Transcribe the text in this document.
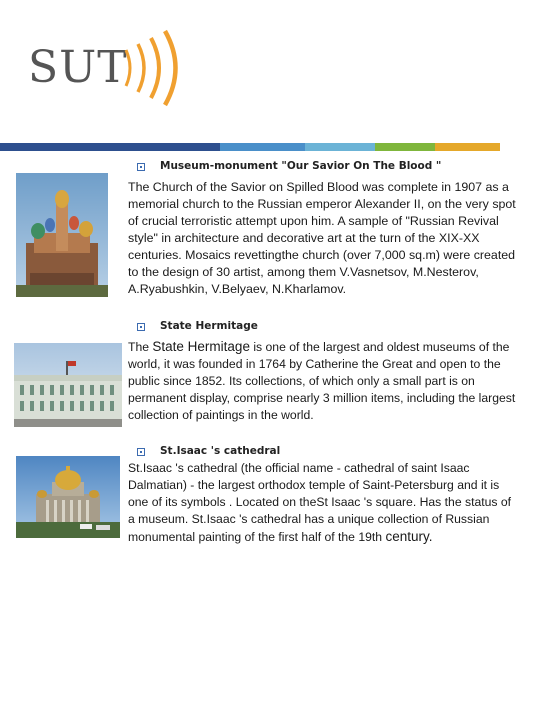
SUT
Museum-monument "Our Savior On The Blood "
The Church of the Savior on Spilled Blood was complete in 1907 as a memorial church to the Russian emperor Alexander II, on the very spot of crucial terroristic attempt upon him. A sample of "Russian Revival style" in architecture and decorative art at the turn of the XIX-XX centuries. Mosaics revettingthe church (over 7,000 sq.m) were created to the design of 30 artist, among them V.Vasnetsov, M.Nesterov, A.Ryabushkin, V.Belyaev, N.Kharlamov.
State Hermitage
The State Hermitage is one of the largest and oldest museums of the world, it was founded in 1764 by Catherine the Great and open to the public since 1852. Its collections, of which only a small part is on permanent display, comprise nearly 3 million items, including the largest collection of paintings in the world.
St.Isaac 's cathedral
St.Isaac 's cathedral (the official name - cathedral of saint Isaac Dalmatian) - the largest orthodox temple of Saint-Petersburg and it is one of its symbols . Located on theSt Isaac 's square. Has the status of a museum. St.Isaac 's cathedral has a unique collection of Russian monumental painting of the first half of the 19th century.
